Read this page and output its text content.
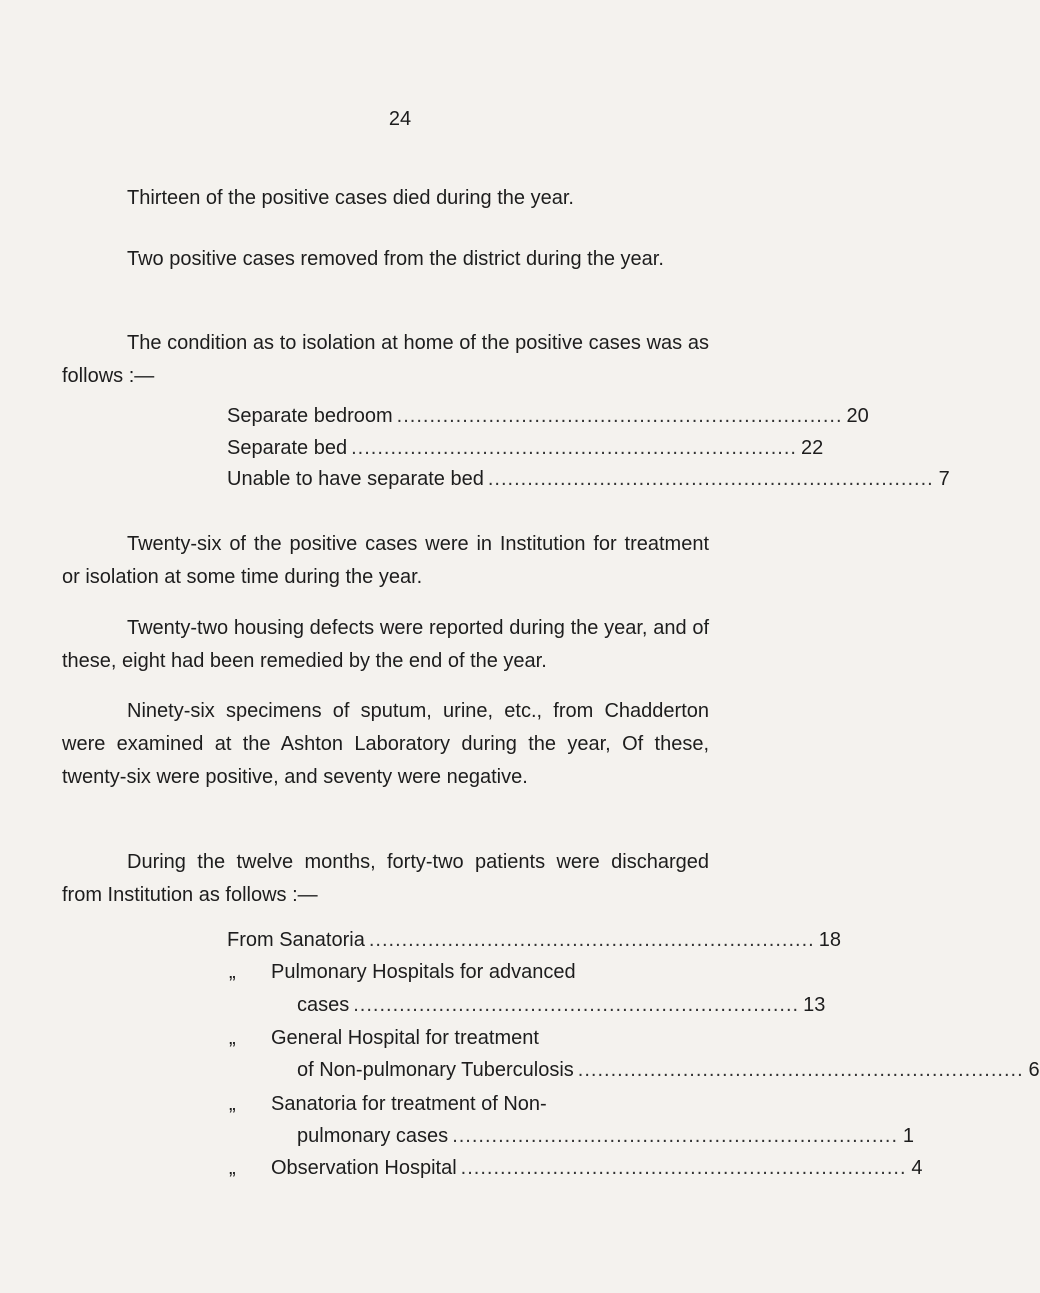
24

Thirteen of the positive cases died during the year.

Two positive cases removed from the district during the year.

The condition as to isolation at home of the positive cases was as follows :—

Separate bedroom .................................................................... 20
Separate bed .................................................................... 22
Unable to have separate bed .................................................................... 7

Twenty-six of the positive cases were in Institution for treatment or isolation at some time during the year.

Twenty-two housing defects were reported during the year, and of these, eight had been remedied by the end of the year.

Ninety-six specimens of sputum, urine, etc., from Chadderton were examined at the Ashton Laboratory during the year, Of these, twenty-six were positive, and seventy were negative.

During the twelve months, forty-two patients were discharged from Institution as follows :—

From Sanatoria .................................................................... 18
„ Pulmonary Hospitals for advanced
cases .................................................................... 13
„ General Hospital for treatment
of Non-pulmonary Tuberculosis .................................................................... 6
„ Sanatoria for treatment of Non-
pulmonary cases .................................................................... 1
„ Observation Hospital .................................................................... 4
